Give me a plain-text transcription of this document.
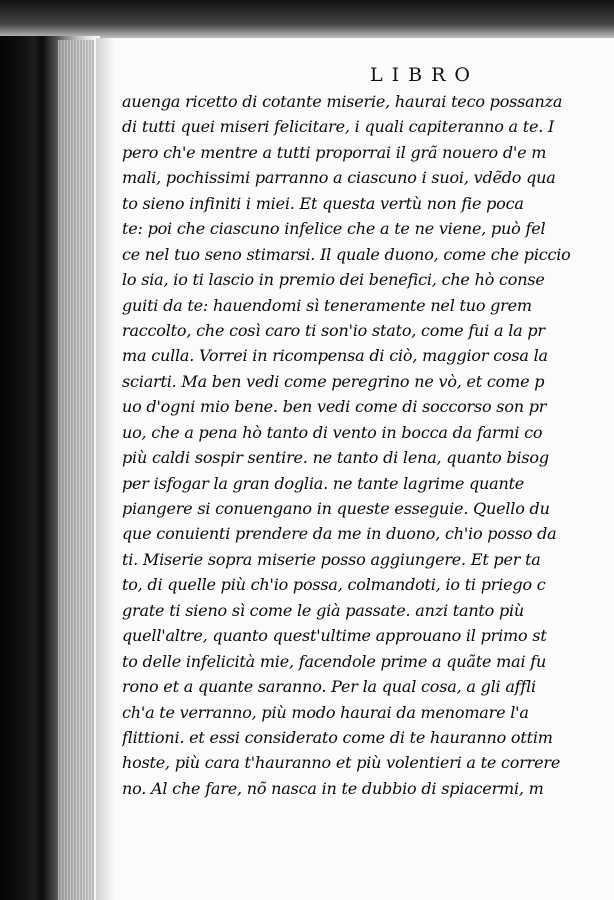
LIBRO
auenga ricetto di cotante miserie, haurai teco possanza
di tutti quei miseri felicitare, i quali capiteranno a te. I
pero ch'e mentre a tutti proporrai il grã nouero d'e m
mali, pochissimi parranno a ciascuno i suoi, vdẽdo qua
to sieno infiniti i miei. Et questa vertù non fie poca
te: poi che ciascuno infelice che a te ne viene, può fel
ce nel tuo seno stimarsi. Il quale duono, come che piccio
lo sia, io ti lascio in premio dei benefici, che hò conse
guiti da te: hauendomi sì teneramente nel tuo grem
raccolto, che così caro ti son'io stato, come fui a la pr
ma culla. Vorrei in ricompensa di ciò, maggior cosa la
sciarti. Ma ben vedi come peregrino ne vò, et come p
uo d'ogni mio bene. ben vedi come di soccorso son pr
uo, che a pena hò tanto di vento in bocca da farmi co
più caldi sospir sentire. ne tanto di lena, quanto bisog
per isfogar la gran doglia. ne tante lagrime quante
piangere si conuengano in queste esseguie. Quello du
que conuienti prendere da me in duono, ch'io posso da
ti. Miserie sopra miserie posso aggiungere. Et per ta
to, di quelle più ch'io possa, colmandoti, io ti priego c
grate ti sieno sì come le già passate. anzi tanto più
quell'altre, quanto quest'ultime approuano il primo st
to delle infelicità mie, facendole prime a quãte mai fu
rono et a quante saranno. Per la qual cosa, a gli affli
ch'a te verranno, più modo haurai da menomare l'a
flittioni. et essi considerato come di te hauranno ottim
hoste, più cara t'hauranno et più volentieri a te correre
no. Al che fare, nõ nasca in te dubbio di spiacermi, m
